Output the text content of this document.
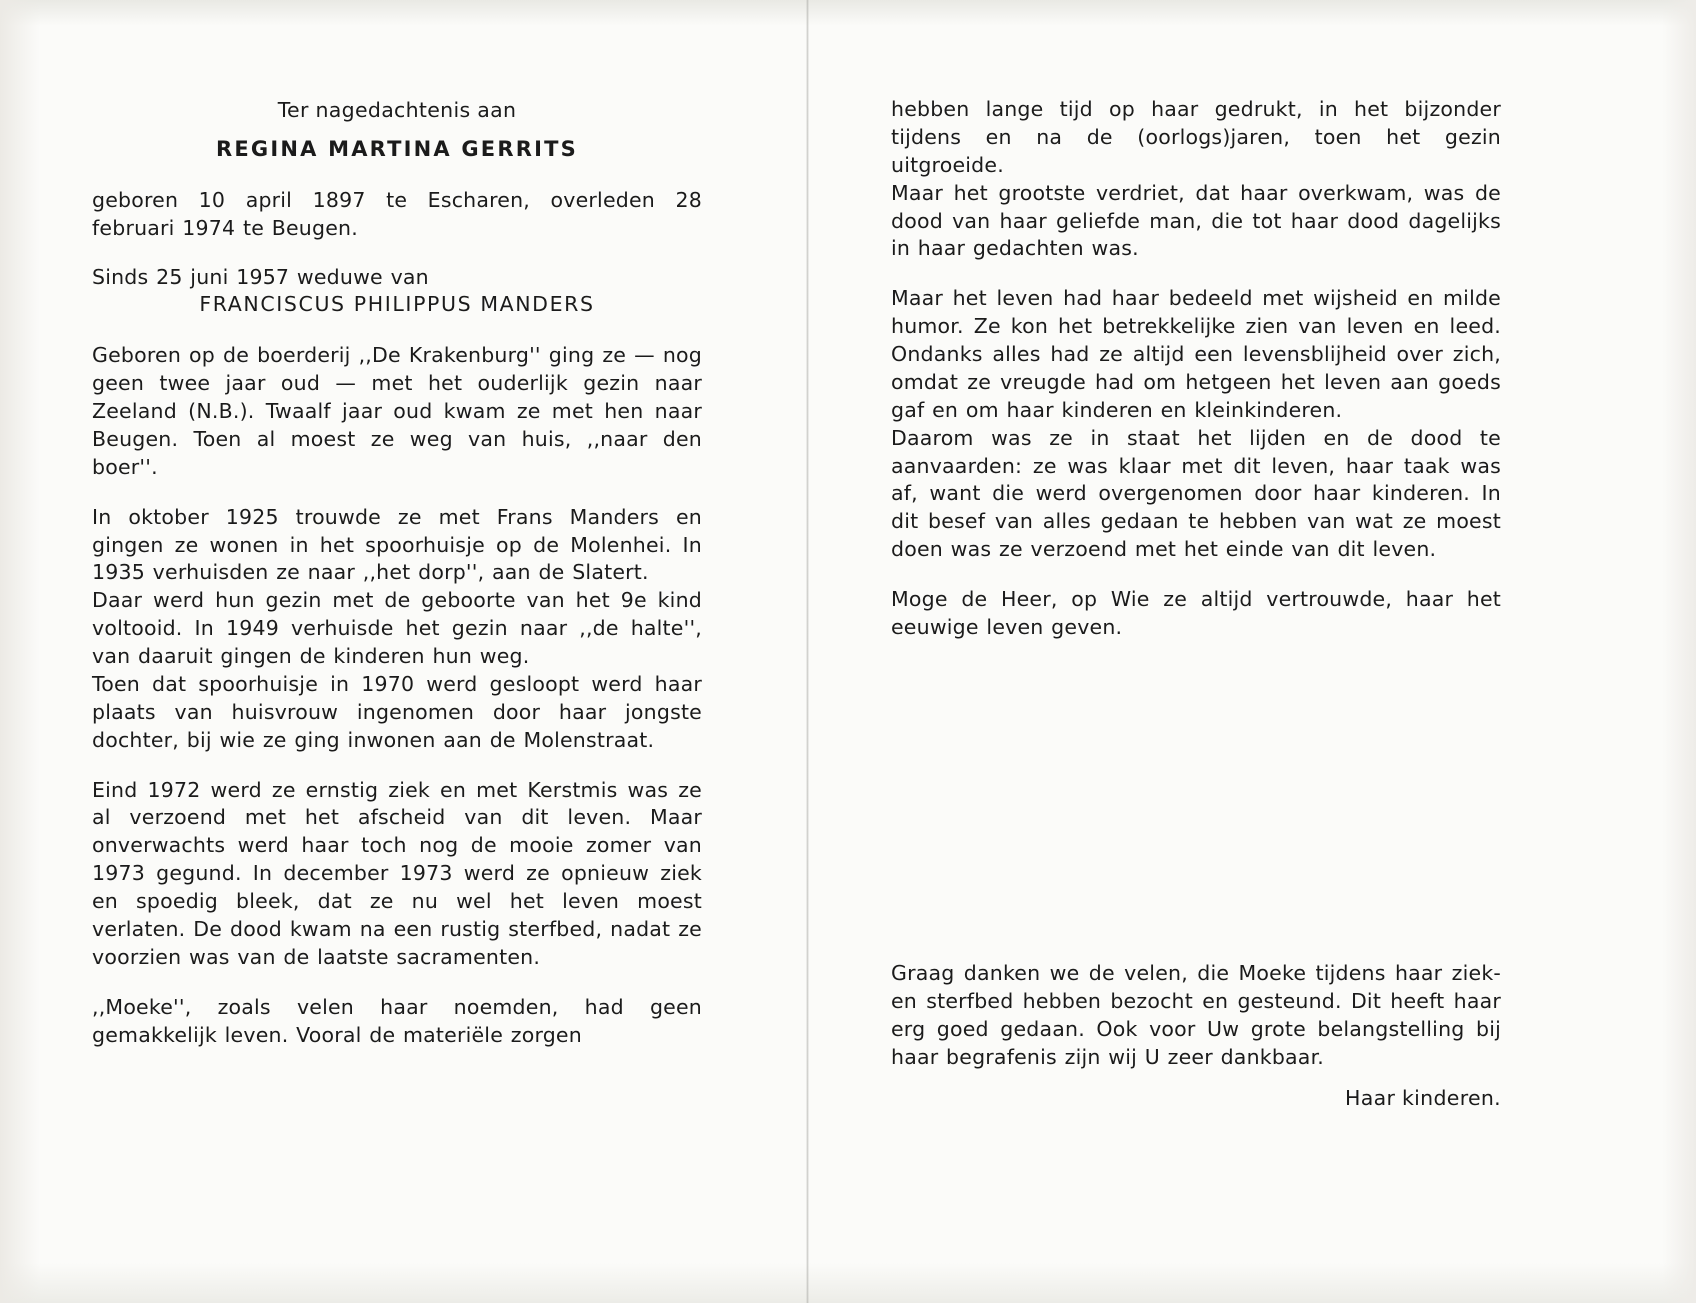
Ter nagedachtenis aan
REGINA MARTINA GERRITS

geboren 10 april 1897 te Escharen, overleden 28 februari 1974 te Beugen.

Sinds 25 juni 1957 weduwe van

FRANCISCUS PHILIPPUS MANDERS

Geboren op de boerderij ,,De Krakenburg'' ging ze — nog geen twee jaar oud — met het ouderlijk gezin naar Zeeland (N.B.). Twaalf jaar oud kwam ze met hen naar Beugen. Toen al moest ze weg van huis, ,,naar den boer''.

In oktober 1925 trouwde ze met Frans Manders en gingen ze wonen in het spoorhuisje op de Molenhei. In 1935 verhuisden ze naar ,,het dorp'', aan de Slatert.

Daar werd hun gezin met de geboorte van het 9e kind voltooid. In 1949 verhuisde het gezin naar ,,de halte'', van daaruit gingen de kinderen hun weg.

Toen dat spoorhuisje in 1970 werd gesloopt werd haar plaats van huisvrouw ingenomen door haar jongste dochter, bij wie ze ging inwonen aan de Molenstraat.

Eind 1972 werd ze ernstig ziek en met Kerstmis was ze al verzoend met het afscheid van dit leven. Maar onverwachts werd haar toch nog de mooie zomer van 1973 gegund. In december 1973 werd ze opnieuw ziek en spoedig bleek, dat ze nu wel het leven moest verlaten. De dood kwam na een rustig sterfbed, nadat ze voorzien was van de laatste sacramenten.

,,Moeke'', zoals velen haar noemden, had geen gemakkelijk leven. Vooral de materiële zorgen

hebben lange tijd op haar gedrukt, in het bijzonder tijdens en na de (oorlogs)jaren, toen het gezin uitgroeide.

Maar het grootste verdriet, dat haar overkwam, was de dood van haar geliefde man, die tot haar dood dagelijks in haar gedachten was.

Maar het leven had haar bedeeld met wijsheid en milde humor. Ze kon het betrekkelijke zien van leven en leed. Ondanks alles had ze altijd een levensblijheid over zich, omdat ze vreugde had om hetgeen het leven aan goeds gaf en om haar kinderen en kleinkinderen.

Daarom was ze in staat het lijden en de dood te aanvaarden: ze was klaar met dit leven, haar taak was af, want die werd overgenomen door haar kinderen. In dit besef van alles gedaan te hebben van wat ze moest doen was ze verzoend met het einde van dit leven.

Moge de Heer, op Wie ze altijd vertrouwde, haar het eeuwige leven geven.

Graag danken we de velen, die Moeke tijdens haar ziek- en sterfbed hebben bezocht en gesteund. Dit heeft haar erg goed gedaan. Ook voor Uw grote belangstelling bij haar begrafenis zijn wij U zeer dankbaar.

Haar kinderen.
